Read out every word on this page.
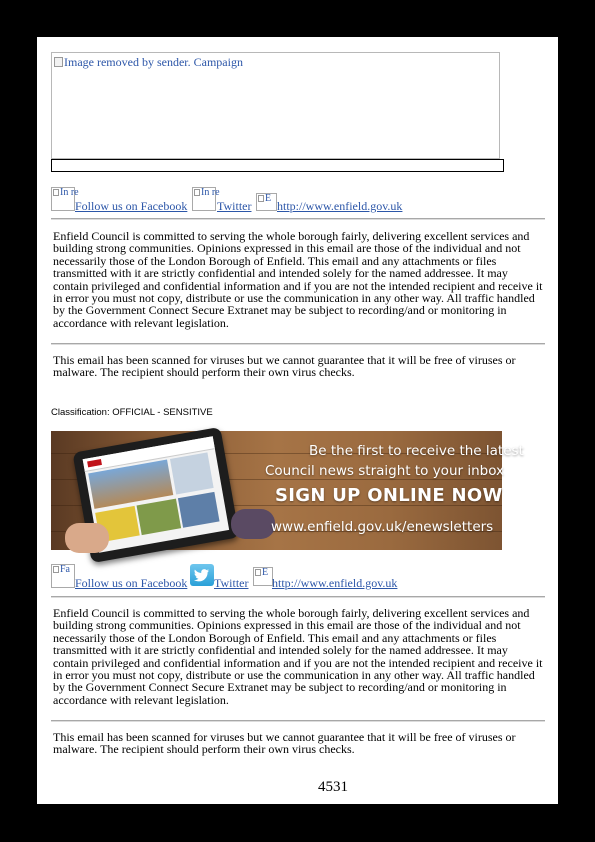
Image removed by sender. Campaign
In re
Follow us on Facebook
In re
Twitter
E
http://www.enfield.gov.uk
Enfield Council is committed to serving the whole borough fairly, delivering excellent services and building strong communities. Opinions expressed in this email are those of the individual and not necessarily those of the London Borough of Enfield. This email and any attachments or files transmitted with it are strictly confidential and intended solely for the named addressee. It may contain privileged and confidential information and if you are not the intended recipient and receive it in error you must not copy, distribute or use the communication in any other way. All traffic handled by the Government Connect Secure Extranet may be subject to recording/and or monitoring in accordance with relevant legislation.
This email has been scanned for viruses but we cannot guarantee that it will be free of viruses or malware. The recipient should perform their own virus checks.
Classification: OFFICIAL - SENSITIVE
Be the first to receive the latest
Council news straight to your inbox
SIGN UP ONLINE NOW
www.enfield.gov.uk/enewsletters
Fa
Follow us on Facebook Twitter
E
http://www.enfield.gov.uk
Enfield Council is committed to serving the whole borough fairly, delivering excellent services and building strong communities. Opinions expressed in this email are those of the individual and not necessarily those of the London Borough of Enfield. This email and any attachments or files transmitted with it are strictly confidential and intended solely for the named addressee. It may contain privileged and confidential information and if you are not the intended recipient and receive it in error you must not copy, distribute or use the communication in any other way. All traffic handled by the Government Connect Secure Extranet may be subject to recording/and or monitoring in accordance with relevant legislation.
This email has been scanned for viruses but we cannot guarantee that it will be free of viruses or malware. The recipient should perform their own virus checks.
4531
